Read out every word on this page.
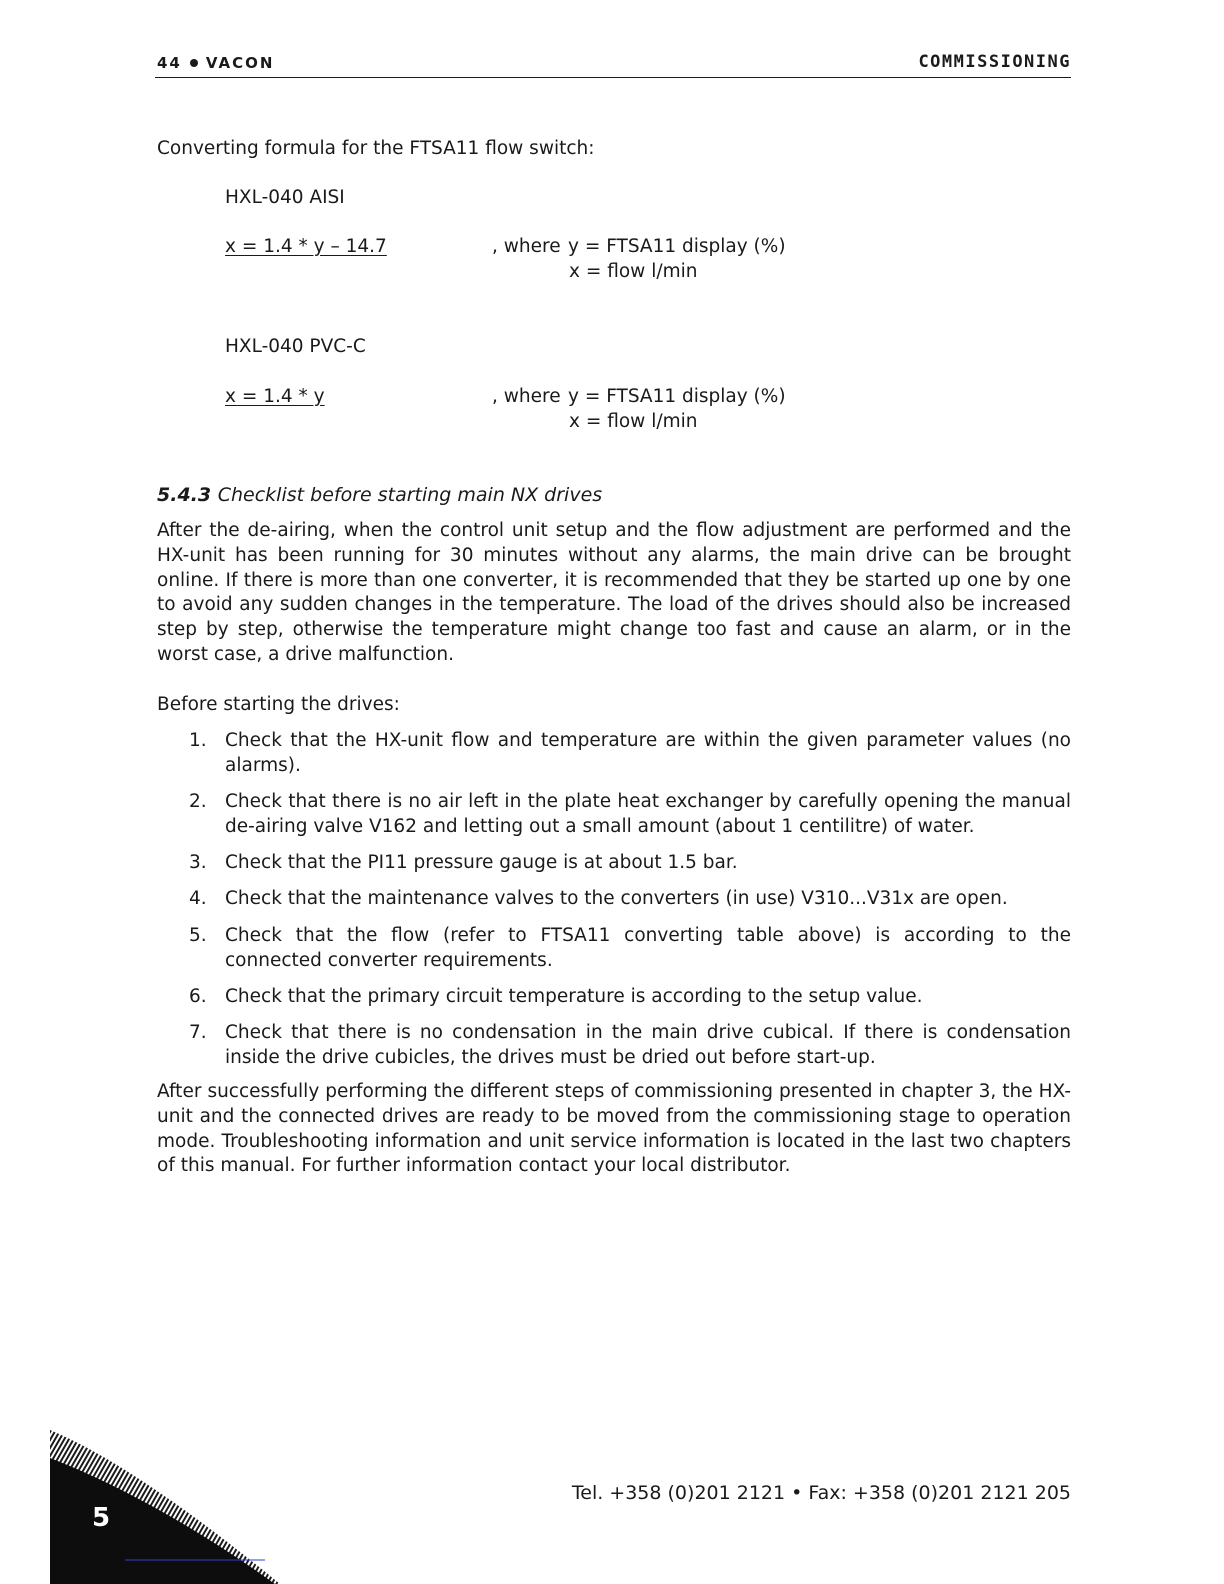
44 VACON	COMMISSIONING
Converting formula for the FTSA11 flow switch:
HXL-040 AISI
x = 1.4 * y – 14.7	, where y = FTSA11 display (%)
x = flow l/min
HXL-040 PVC-C
x = 1.4 * y	, where y = FTSA11 display (%)
x = flow l/min
5.4.3 Checklist before starting main NX drives
After the de-airing, when the control unit setup and the flow adjustment are performed and the HX-unit has been running for 30 minutes without any alarms, the main drive can be brought online. If there is more than one converter, it is recommended that they be started up one by one to avoid any sudden changes in the temperature. The load of the drives should also be increased step by step, otherwise the temperature might change too fast and cause an alarm, or in the worst case, a drive malfunction.
Before starting the drives:
1. Check that the HX-unit flow and temperature are within the given parameter values (no alarms).
2. Check that there is no air left in the plate heat exchanger by carefully opening the manual de-airing valve V162 and letting out a small amount (about 1 centilitre) of water.
3. Check that the PI11 pressure gauge is at about 1.5 bar.
4. Check that the maintenance valves to the converters (in use) V310...V31x are open.
5. Check that the flow (refer to FTSA11 converting table above) is according to the connected converter requirements.
6. Check that the primary circuit temperature is according to the setup value.
7. Check that there is no condensation in the main drive cubical. If there is condensation inside the drive cubicles, the drives must be dried out before start-up.
After successfully performing the different steps of commissioning presented in chapter 3, the HX-unit and the connected drives are ready to be moved from the commissioning stage to operation mode. Troubleshooting information and unit service information is located in the last two chapters of this manual. For further information contact your local distributor.
Tel. +358 (0)201 2121 • Fax: +358 (0)201 2121 205
5
